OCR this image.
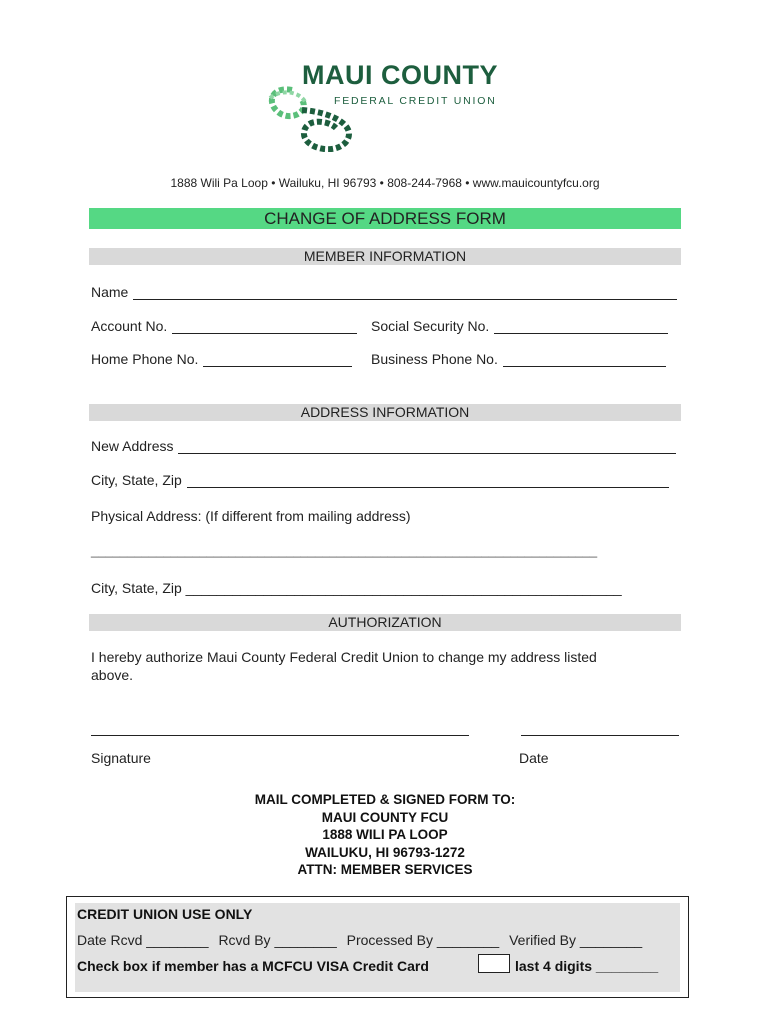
MAUI COUNTY
FEDERAL CREDIT UNION
1888 Wili Pa Loop • Wailuku, HI 96793 • 808-244-7968 • www.mauicountyfcu.org
CHANGE OF ADDRESS FORM
MEMBER INFORMATION
Name
Account No.	Social Security No.
Home Phone No.	Business Phone No.
ADDRESS INFORMATION
New Address
City, State, Zip
Physical Address: (If different from mailing address)
______________________________________________________________________
City, State, Zip ________________________________________________________
AUTHORIZATION
I hereby authorize Maui County Federal Credit Union to change my address listed
above.
Signature	Date
MAIL COMPLETED & SIGNED FORM TO:
MAUI COUNTY FCU
1888 WILI PA LOOP
WAILUKU, HI 96793-1272
ATTN: MEMBER SERVICES
CREDIT UNION USE ONLY
Date Rcvd ________ Rcvd By ________ Processed By ________ Verified By ________
Check box if member has a MCFCU VISA Credit Card	last 4 digits ________
